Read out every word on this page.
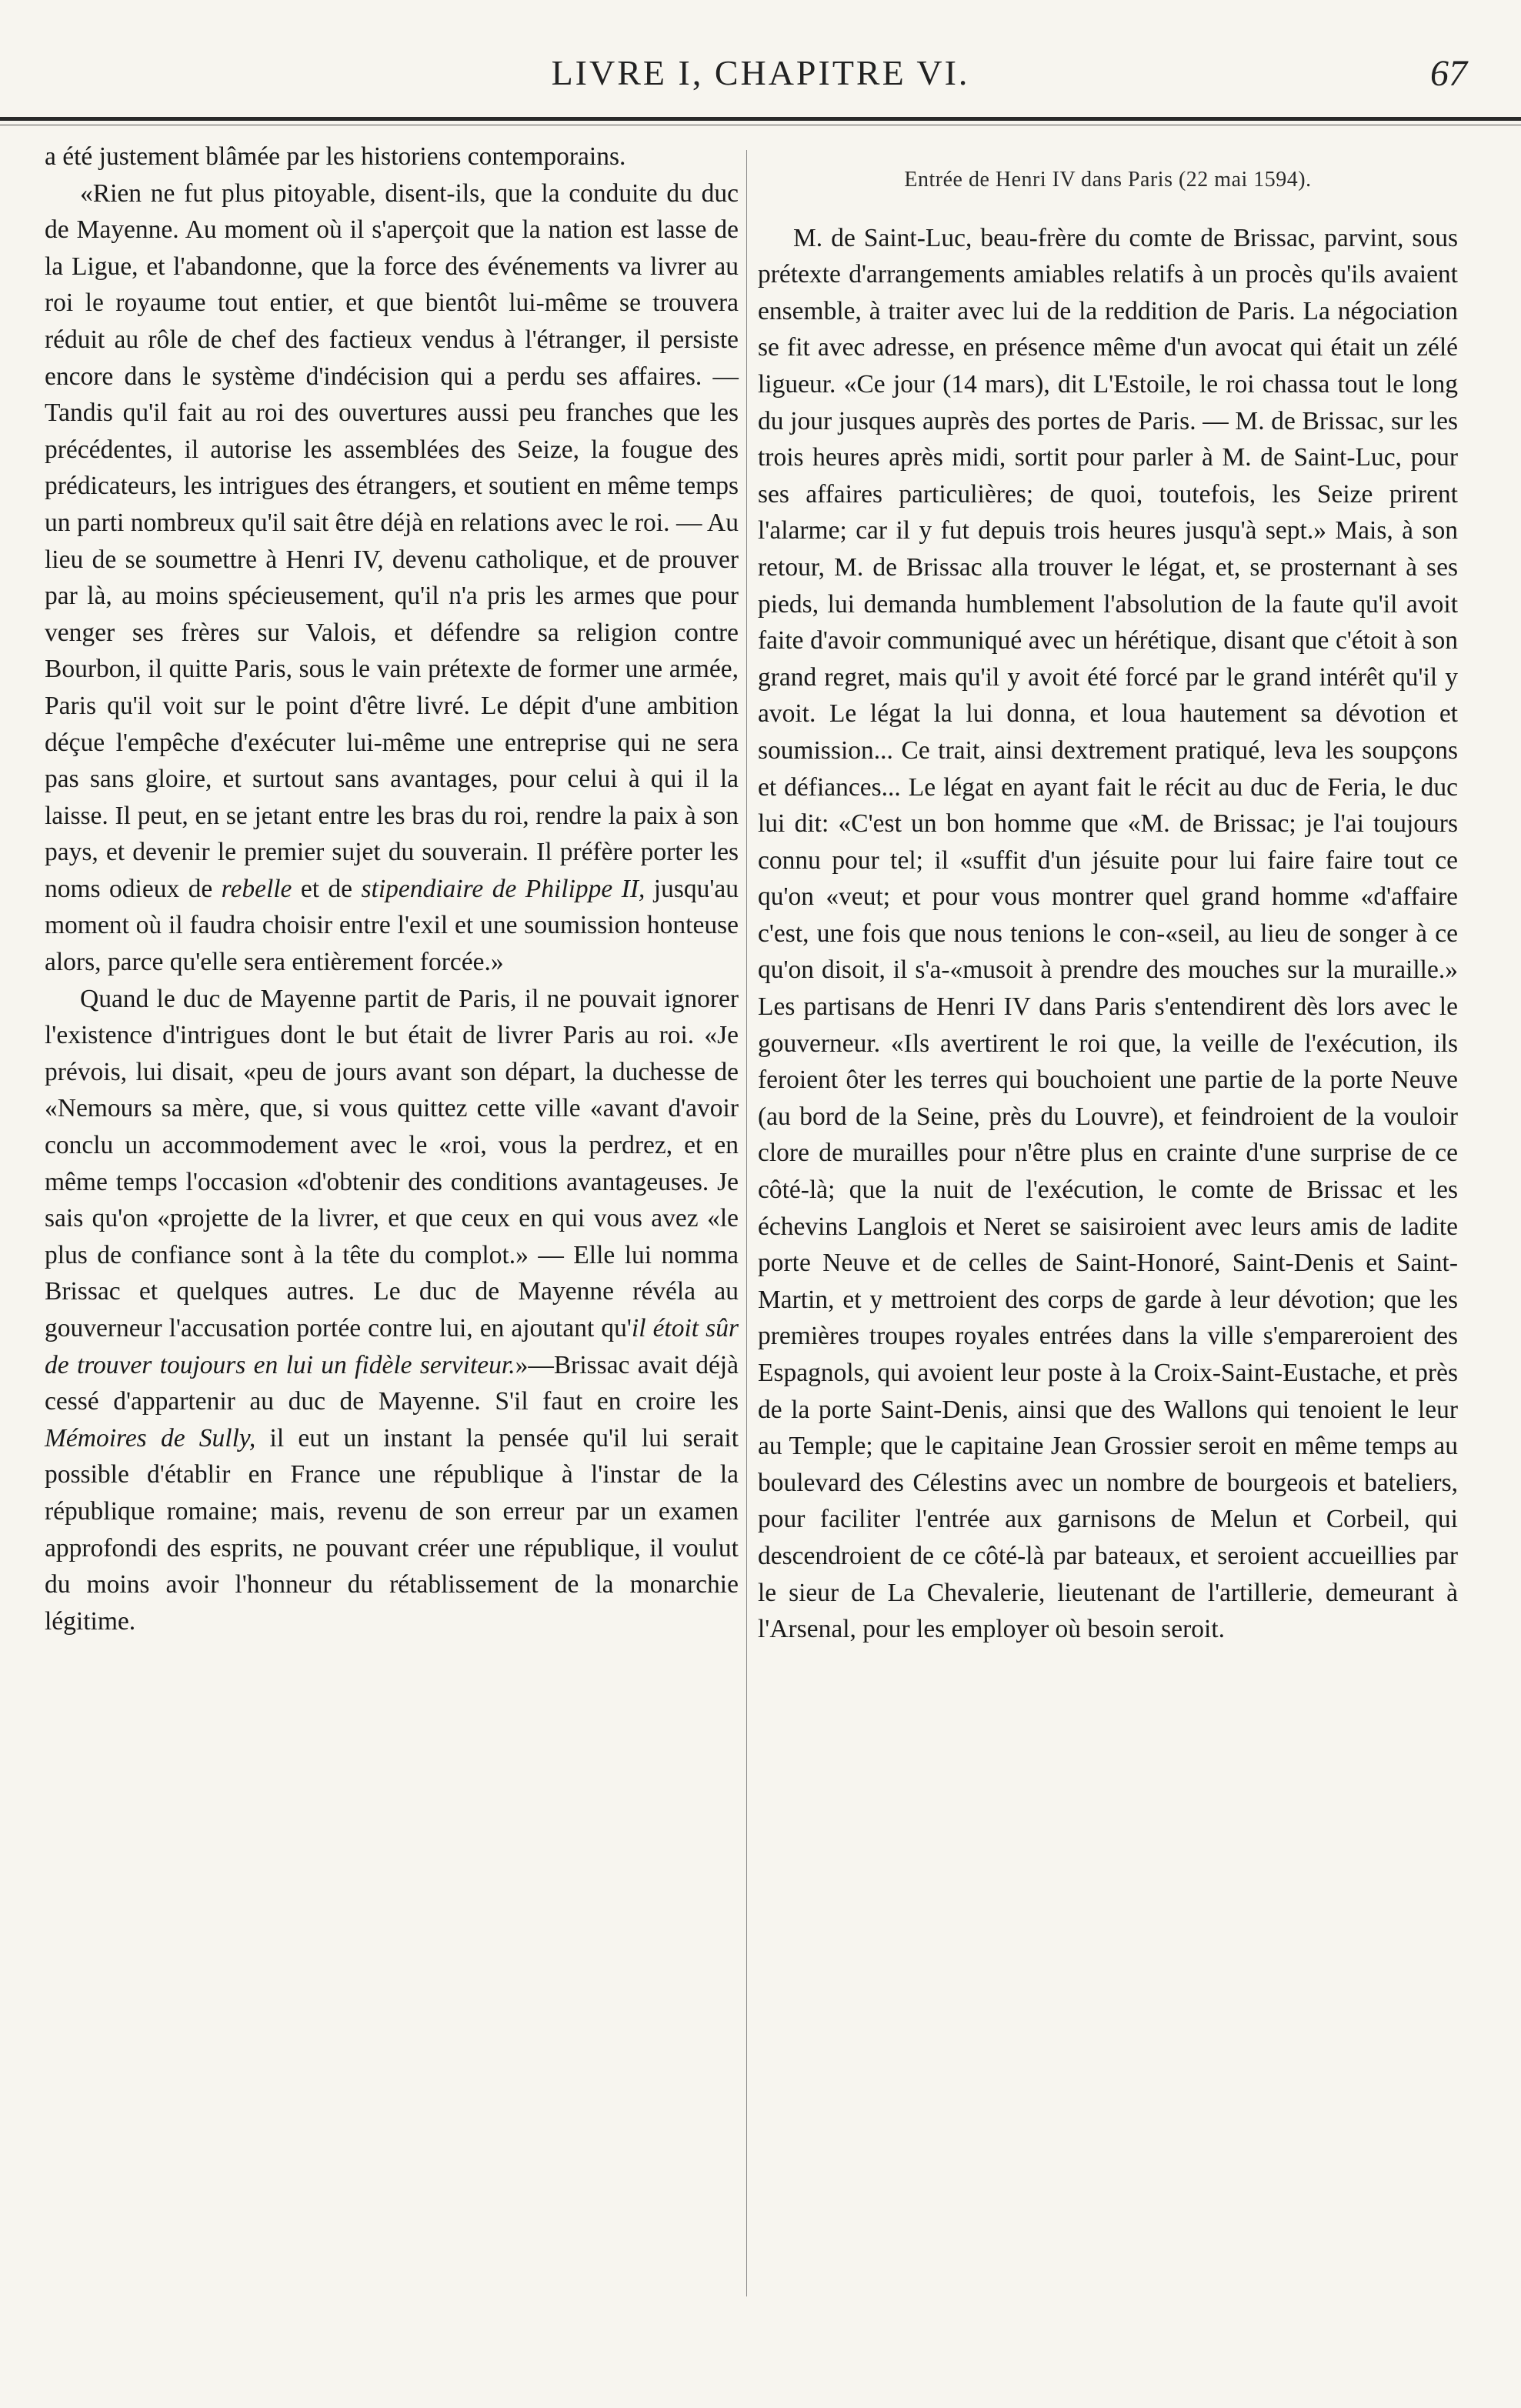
LIVRE I, CHAPITRE VI.	67

a été justement blâmée par les historiens contemporains.

«Rien ne fut plus pitoyable, disent-ils, que la conduite du duc de Mayenne. Au moment où il s'aperçoit que la nation est lasse de la Ligue, et l'abandonne, que la force des événements va livrer au roi le royaume tout entier, et que bientôt lui-même se trouvera réduit au rôle de chef des factieux vendus à l'étranger, il persiste encore dans le système d'indécision qui a perdu ses affaires. — Tandis qu'il fait au roi des ouvertures aussi peu franches que les précédentes, il autorise les assemblées des Seize, la fougue des prédicateurs, les intrigues des étrangers, et soutient en même temps un parti nombreux qu'il sait être déjà en relations avec le roi. — Au lieu de se soumettre à Henri IV, devenu catholique, et de prouver par là, au moins spécieusement, qu'il n'a pris les armes que pour venger ses frères sur Valois, et défendre sa religion contre Bourbon, il quitte Paris, sous le vain prétexte de former une armée, Paris qu'il voit sur le point d'être livré. Le dépit d'une ambition déçue l'empêche d'exécuter lui-même une entreprise qui ne sera pas sans gloire, et surtout sans avantages, pour celui à qui il la laisse. Il peut, en se jetant entre les bras du roi, rendre la paix à son pays, et devenir le premier sujet du souverain. Il préfère porter les noms odieux de rebelle et de stipendiaire de Philippe II, jusqu'au moment où il faudra choisir entre l'exil et une soumission honteuse alors, parce qu'elle sera entièrement forcée.»

Quand le duc de Mayenne partit de Paris, il ne pouvait ignorer l'existence d'intrigues dont le but était de livrer Paris au roi. «Je prévois, lui disait, «peu de jours avant son départ, la duchesse de «Nemours sa mère, que, si vous quittez cette ville «avant d'avoir conclu un accommodement avec le «roi, vous la perdrez, et en même temps l'occasion «d'obtenir des conditions avantageuses. Je sais qu'on «projette de la livrer, et que ceux en qui vous avez «le plus de confiance sont à la tête du complot.» — Elle lui nomma Brissac et quelques autres. Le duc de Mayenne révéla au gouverneur l'accusation portée contre lui, en ajoutant qu'il étoit sûr de trouver toujours en lui un fidèle serviteur.»—Brissac avait déjà cessé d'appartenir au duc de Mayenne. S'il faut en croire les Mémoires de Sully, il eut un instant la pensée qu'il lui serait possible d'établir en France une république à l'instar de la république romaine; mais, revenu de son erreur par un examen approfondi des esprits, ne pouvant créer une république, il voulut du moins avoir l'honneur du rétablissement de la monarchie légitime.

Entrée de Henri IV dans Paris (22 mai 1594).

M. de Saint-Luc, beau-frère du comte de Brissac, parvint, sous prétexte d'arrangements amiables relatifs à un procès qu'ils avaient ensemble, à traiter avec lui de la reddition de Paris. La négociation se fit avec adresse, en présence même d'un avocat qui était un zélé ligueur. «Ce jour (14 mars), dit L'Estoile, le roi chassa tout le long du jour jusques auprès des portes de Paris. — M. de Brissac, sur les trois heures après midi, sortit pour parler à M. de Saint-Luc, pour ses affaires particulières; de quoi, toutefois, les Seize prirent l'alarme; car il y fut depuis trois heures jusqu'à sept.» Mais, à son retour, M. de Brissac alla trouver le légat, et, se prosternant à ses pieds, lui demanda humblement l'absolution de la faute qu'il avoit faite d'avoir communiqué avec un hérétique, disant que c'étoit à son grand regret, mais qu'il y avoit été forcé par le grand intérêt qu'il y avoit. Le légat la lui donna, et loua hautement sa dévotion et soumission... Ce trait, ainsi dextrement pratiqué, leva les soupçons et défiances... Le légat en ayant fait le récit au duc de Feria, le duc lui dit: «C'est un bon homme que «M. de Brissac; je l'ai toujours connu pour tel; il «suffit d'un jésuite pour lui faire faire tout ce qu'on «veut; et pour vous montrer quel grand homme «d'affaire c'est, une fois que nous tenions le con-«seil, au lieu de songer à ce qu'on disoit, il s'a-«musoit à prendre des mouches sur la muraille.» Les partisans de Henri IV dans Paris s'entendirent dès lors avec le gouverneur. «Ils avertirent le roi que, la veille de l'exécution, ils feroient ôter les terres qui bouchoient une partie de la porte Neuve (au bord de la Seine, près du Louvre), et feindroient de la vouloir clore de murailles pour n'être plus en crainte d'une surprise de ce côté-là; que la nuit de l'exécution, le comte de Brissac et les échevins Langlois et Neret se saisiroient avec leurs amis de ladite porte Neuve et de celles de Saint-Honoré, Saint-Denis et Saint-Martin, et y mettroient des corps de garde à leur dévotion; que les premières troupes royales entrées dans la ville s'empareroient des Espagnols, qui avoient leur poste à la Croix-Saint-Eustache, et près de la porte Saint-Denis, ainsi que des Wallons qui tenoient le leur au Temple; que le capitaine Jean Grossier seroit en même temps au boulevard des Célestins avec un nombre de bourgeois et bateliers, pour faciliter l'entrée aux garnisons de Melun et Corbeil, qui descendroient de ce côté-là par bateaux, et seroient accueillies par le sieur de La Chevalerie, lieutenant de l'artillerie, demeurant à l'Arsenal, pour les employer où besoin seroit.
